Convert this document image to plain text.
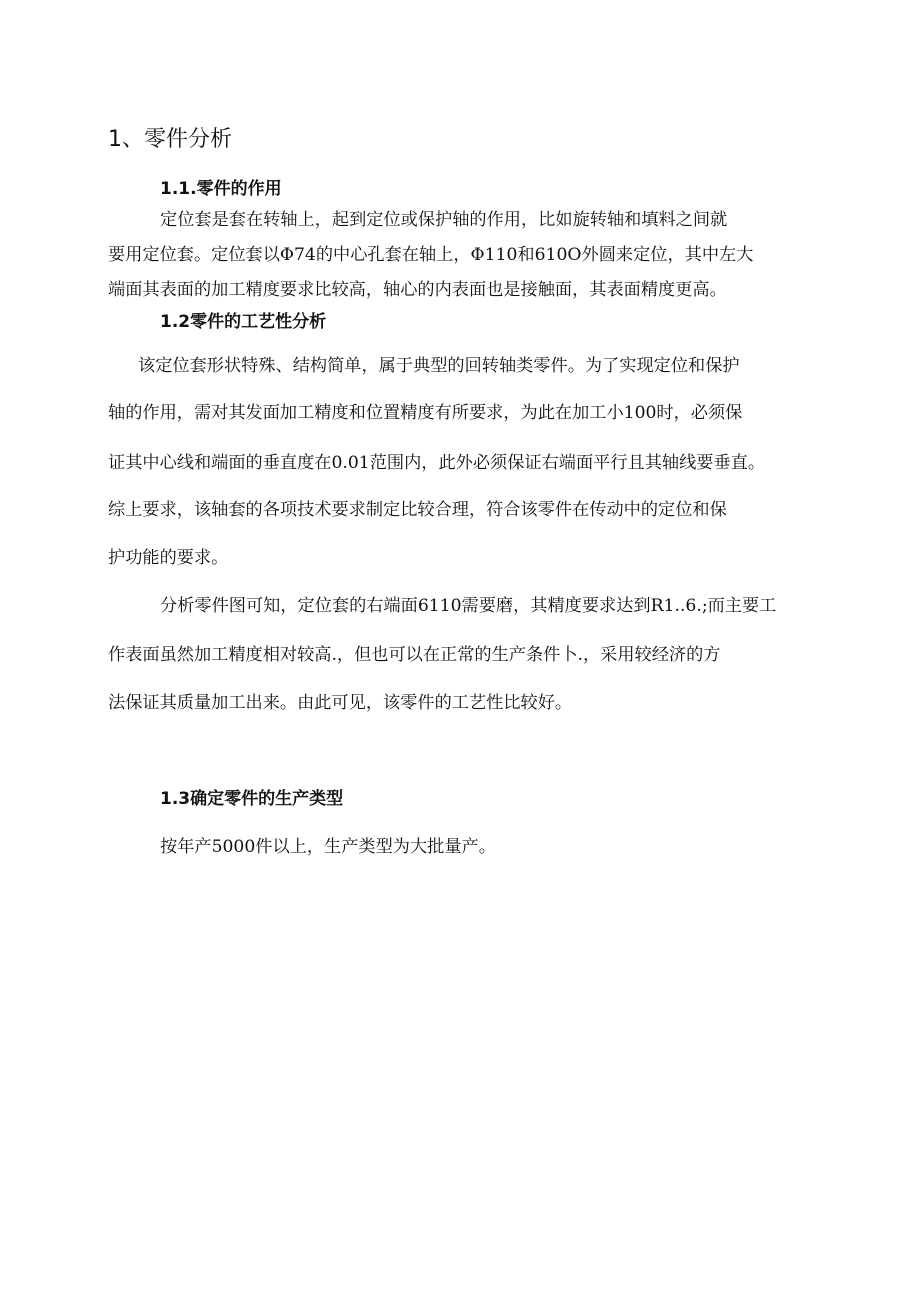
1、零件分析
1.1.零件的作用
定位套是套在转轴上，起到定位或保护轴的作用，比如旋转轴和填料之间就
要用定位套。定位套以Φ74的中心孔套在轴上，Φ110和610O外圆来定位，其中左大
端面其表面的加工精度要求比较高，轴心的内表面也是接触面，其表面精度更高。
1.2零件的工艺性分析
该定位套形状特殊、结构简单，属于典型的回转轴类零件。为了实现定位和保护
轴的作用，需对其发面加工精度和位置精度有所要求，为此在加工小100时，必须保
证其中心线和端面的垂直度在0.01范围内，此外必须保证右端面平行且其轴线要垂直。
综上要求，该轴套的各项技术要求制定比较合理，符合该零件在传动中的定位和保
护功能的要求。
分析零件图可知，定位套的右端面6110需要磨，其精度要求达到R1..6.;而主要工
作表面虽然加工精度相对较高.，但也可以在正常的生产条件卜.，采用较经济的方
法保证其质量加工出来。由此可见，该零件的工艺性比较好。
1.3确定零件的生产类型
按年产5000件以上，生产类型为大批量产。
